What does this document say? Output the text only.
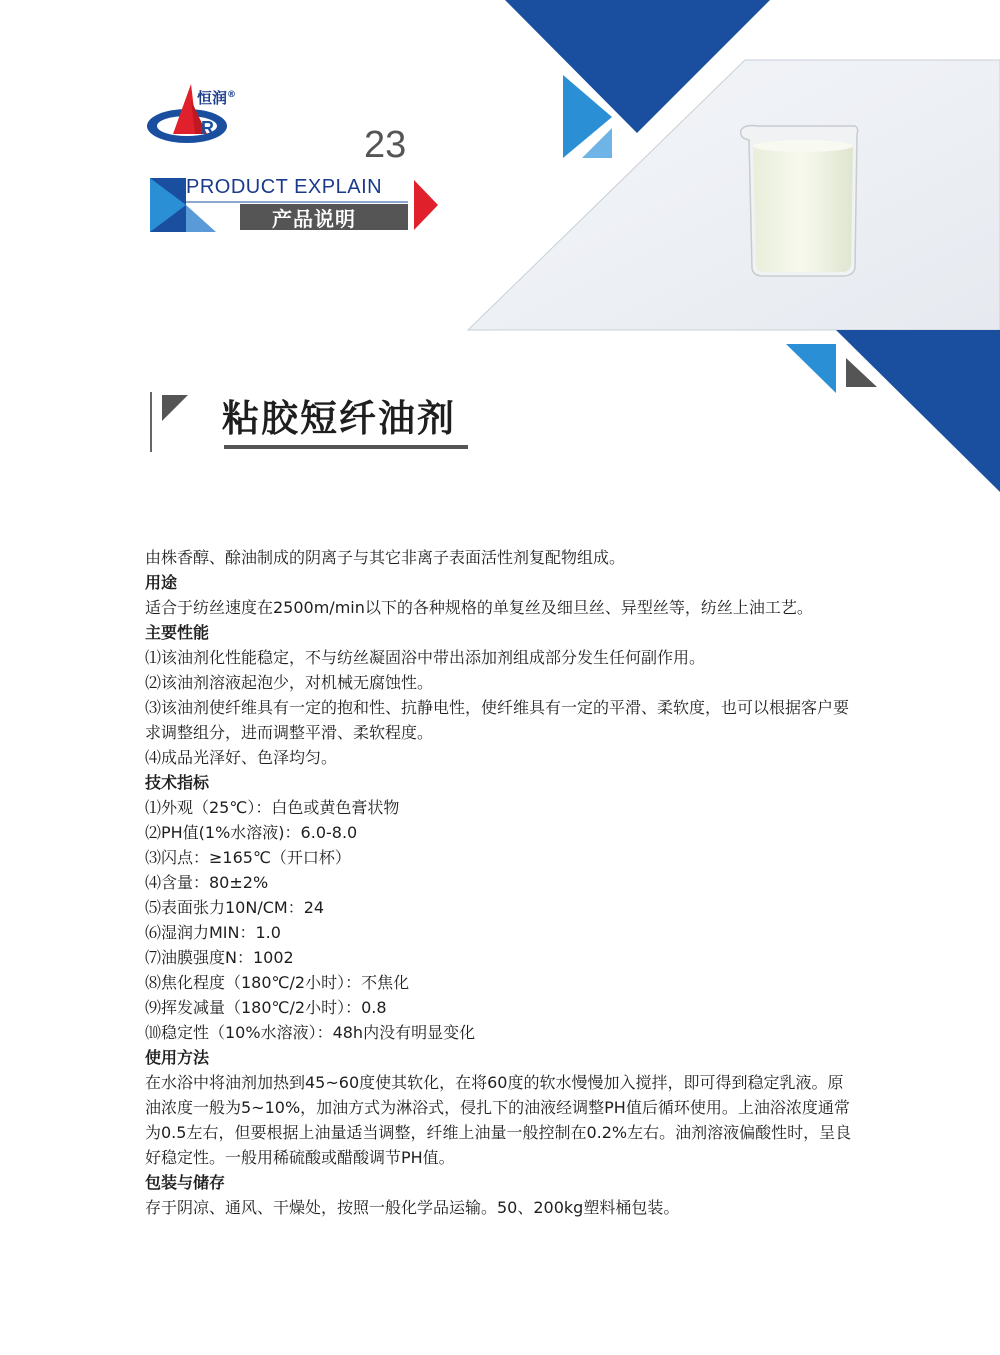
R
恒润®
23
PRODUCT EXPLAIN
产品说明
粘胶短纤油剂

由株香醇、酴油制成的阴离子与其它非离子表面活性剂复配物组成。

用途

适合于纺丝速度在2500m/min以下的各种规格的单复丝及细旦丝、异型丝等，纺丝上油工艺。

主要性能

⑴该油剂化性能稳定，不与纺丝凝固浴中带出添加剂组成部分发生任何副作用。

⑵该油剂溶液起泡少，对机械无腐蚀性。

⑶该油剂使纤维具有一定的抱和性、抗静电性，使纤维具有一定的平滑、柔软度，也可以根据客户要求调整组分，进而调整平滑、柔软程度。

⑷成品光泽好、色泽均匀。

技术指标

⑴外观（25℃）：白色或黄色膏状物

⑵PH值(1%水溶液)：6.0-8.0

⑶闪点：≥165℃（开口杯）

⑷含量：80±2%

⑸表面张力10N/CM：24

⑹湿润力MIN：1.0

⑺油膜强度N：1002

⑻焦化程度（180℃/2小时）：不焦化

⑼挥发减量（180℃/2小时）：0.8

⑽稳定性（10%水溶液）：48h内没有明显变化

使用方法

在水浴中将油剂加热到45~60度使其软化，在将60度的软水慢慢加入搅拌，即可得到稳定乳液。原油浓度一般为5~10%，加油方式为淋浴式，侵扎下的油液经调整PH值后循环使用。上油浴浓度通常为0.5左右，但要根据上油量适当调整，纤维上油量一般控制在0.2%左右。油剂溶液偏酸性时，呈良好稳定性。一般用稀硫酸或醋酸调节PH值。

包装与储存

存于阴凉、通风、干燥处，按照一般化学品运输。50、200kg塑料桶包装。
